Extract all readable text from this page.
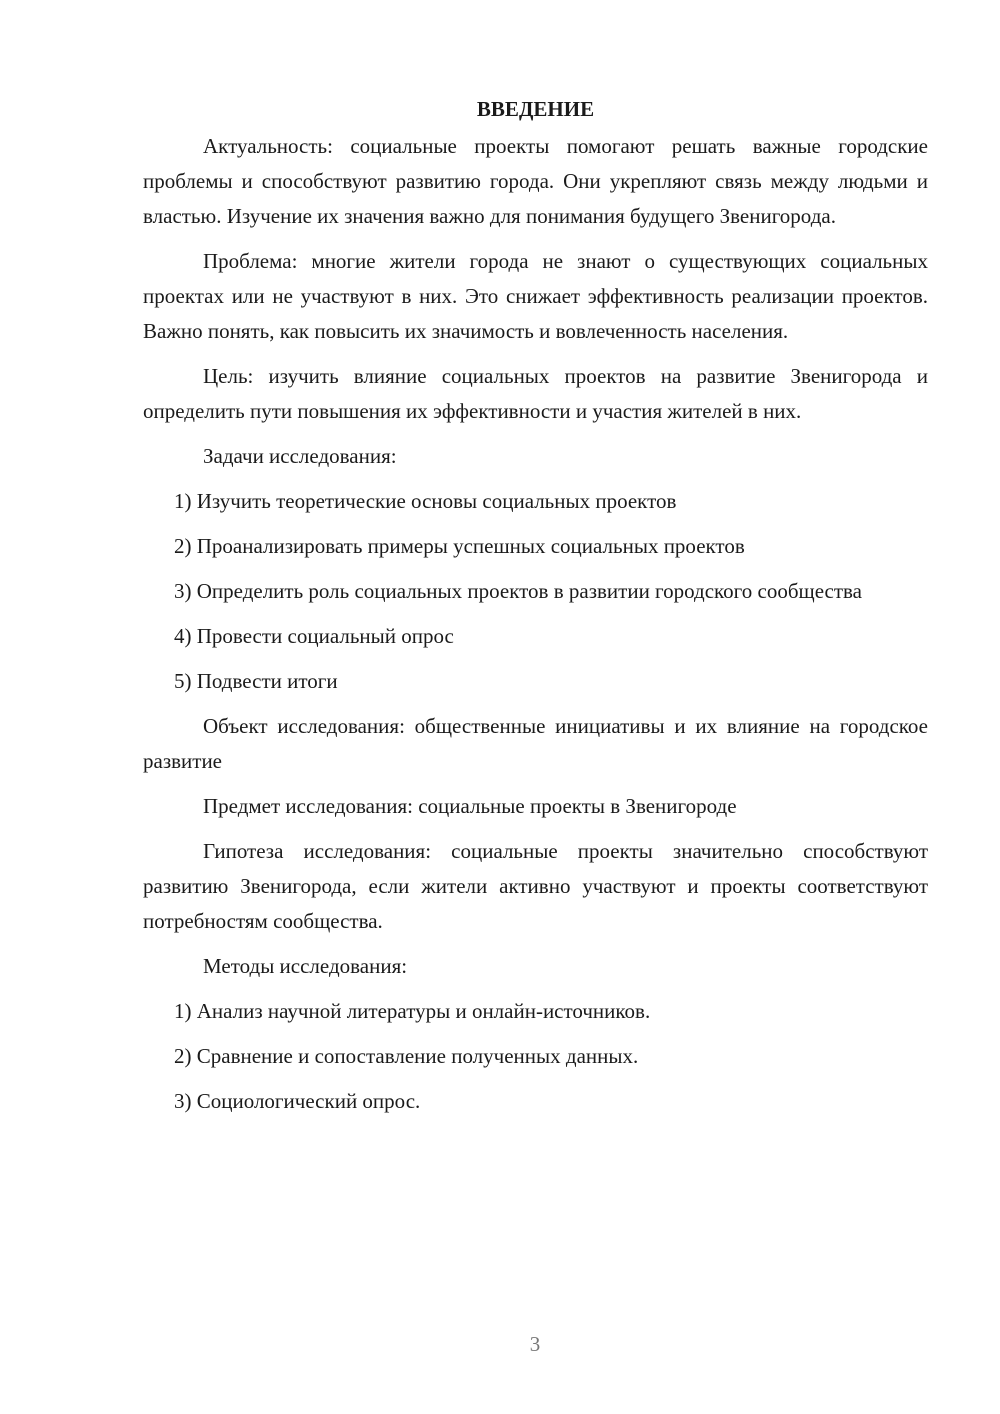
ВВЕДЕНИЕ

Актуальность: социальные проекты помогают решать важные городские проблемы и способствуют развитию города. Они укрепляют связь между людьми и властью. Изучение их значения важно для понимания будущего Звенигорода.

Проблема: многие жители города не знают о существующих социальных проектах или не участвуют в них. Это снижает эффективность реализации проектов. Важно понять, как повысить их значимость и вовлеченность населения.

Цель: изучить влияние социальных проектов на развитие Звенигорода и определить пути повышения их эффективности и участия жителей в них.

Задачи исследования:

1) Изучить теоретические основы социальных проектов

2) Проанализировать примеры успешных социальных проектов

3) Определить роль социальных проектов в развитии городского сообщества

4) Провести социальный опрос

5) Подвести итоги

Объект исследования: общественные инициативы и их влияние на городское развитие

Предмет исследования: социальные проекты в Звенигороде

Гипотеза исследования: социальные проекты значительно способствуют развитию Звенигорода, если жители активно участвуют и проекты соответствуют потребностям сообщества.

Методы исследования:

1) Анализ научной литературы и онлайн-источников.

2) Сравнение и сопоставление полученных данных.

3) Социологический опрос.

3
